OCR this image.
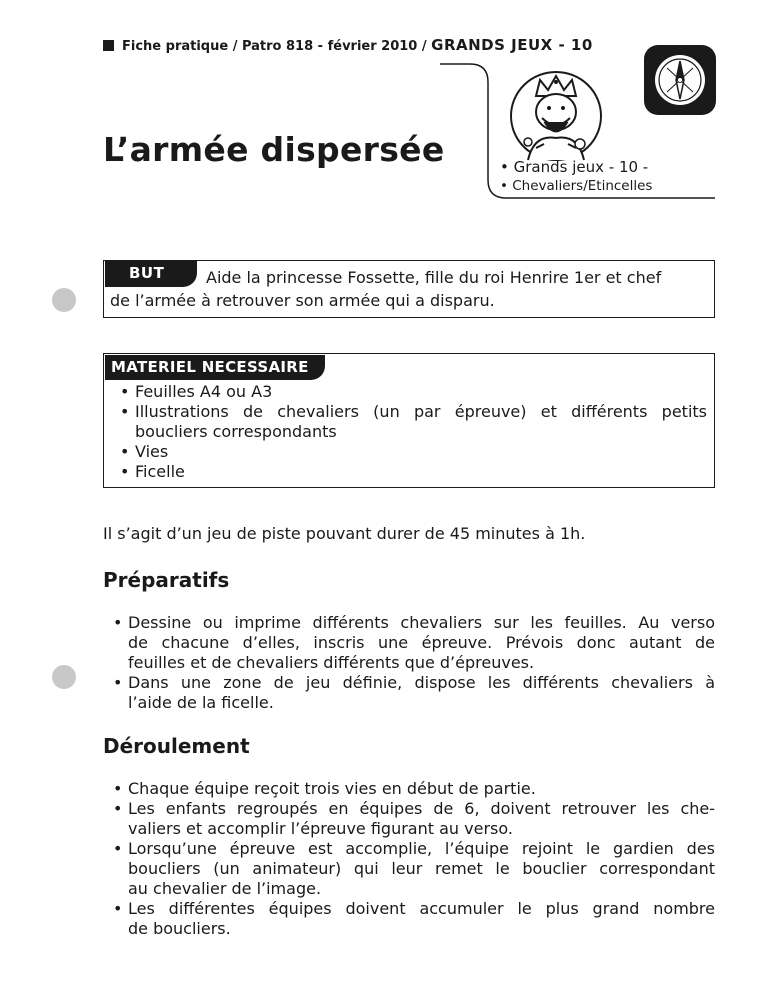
Fiche pratique / Patro 818 - février 2010 / GRANDS JEUX - 10
L’armée dispersée	• Grands jeux - 10 -
• Chevaliers/Etincelles
BUT	Aide la princesse Fossette, fille du roi Henrire 1er et chef
de l’armée à retrouver son armée qui a disparu.
MATERIEL NECESSAIRE
• Feuilles A4 ou A3
• Illustrations de chevaliers (un par épreuve) et différents petits
boucliers correspondants
• Vies
• Ficelle
Il s’agit d’un jeu de piste pouvant durer de 45 minutes à 1h.
Préparatifs
• Dessine ou imprime différents chevaliers sur les feuilles. Au verso
de chacune d’elles, inscris une épreuve. Prévois donc autant de
feuilles et de chevaliers différents que d’épreuves.
• Dans une zone de jeu définie, dispose les différents chevaliers à
l’aide de la ficelle.
Déroulement
• Chaque équipe reçoit trois vies en début de partie.
• Les enfants regroupés en équipes de 6, doivent retrouver les che-
valiers et accomplir l’épreuve figurant au verso.
• Lorsqu’une épreuve est accomplie, l’équipe rejoint le gardien des
boucliers (un animateur) qui leur remet le bouclier correspondant
au chevalier de l’image.
• Les différentes équipes doivent accumuler le plus grand nombre
de boucliers.
